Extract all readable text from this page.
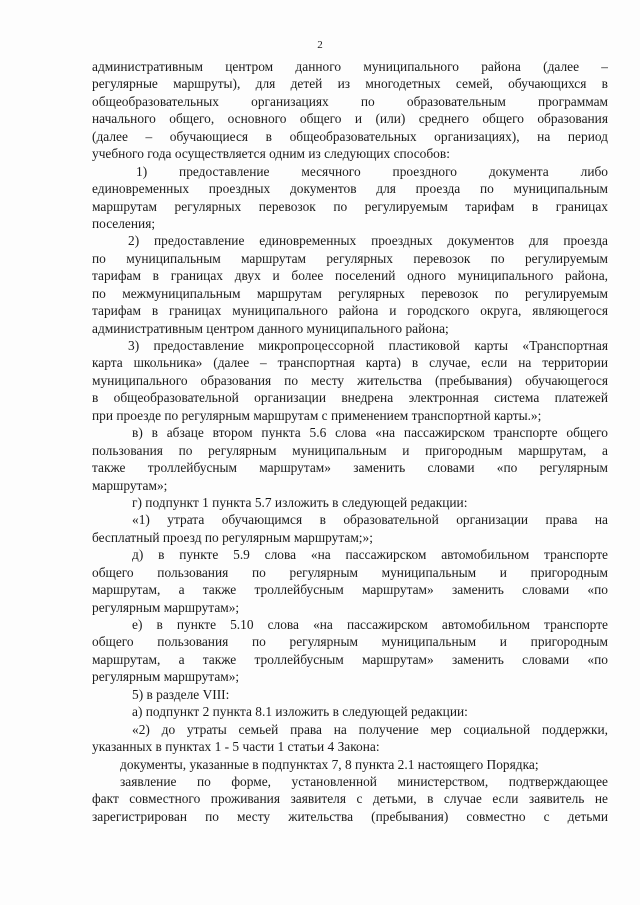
2
административным центром данного муниципального района (далее –
регулярные маршруты), для детей из многодетных семей, обучающихся в
общеобразовательных организациях по образовательным программам
начального общего, основного общего и (или) среднего общего образования
(далее – обучающиеся в общеобразовательных организациях), на период
учебного года осуществляется одним из следующих способов:
1) предоставление месячного проездного документа либо
единовременных проездных документов для проезда по муниципальным
маршрутам регулярных перевозок по регулируемым тарифам в границах
поселения;
2) предоставление единовременных проездных документов для проезда
по муниципальным маршрутам регулярных перевозок по регулируемым
тарифам в границах двух и более поселений одного муниципального района,
по межмуниципальным маршрутам регулярных перевозок по регулируемым
тарифам в границах муниципального района и городского округа, являющегося
административным центром данного муниципального района;
3) предоставление микропроцессорной пластиковой карты «Транспортная
карта школьника» (далее – транспортная карта) в случае, если на территории
муниципального образования по месту жительства (пребывания) обучающегося
в общеобразовательной организации внедрена электронная система платежей
при проезде по регулярным маршрутам с применением транспортной карты.»;
в) в абзаце втором пункта 5.6 слова «на пассажирском транспорте общего
пользования по регулярным муниципальным и пригородным маршрутам, а
также троллейбусным маршрутам» заменить словами «по регулярным
маршрутам»;
г) подпункт 1 пункта 5.7 изложить в следующей редакции:
«1) утрата обучающимся в образовательной организации права на
бесплатный проезд по регулярным маршрутам;»;
д) в пункте 5.9 слова «на пассажирском автомобильном транспорте
общего пользования по регулярным муниципальным и пригородным
маршрутам, а также троллейбусным маршрутам» заменить словами «по
регулярным маршрутам»;
е) в пункте 5.10 слова «на пассажирском автомобильном транспорте
общего пользования по регулярным муниципальным и пригородным
маршрутам, а также троллейбусным маршрутам» заменить словами «по
регулярным маршрутам»;
5) в разделе VIII:
а) подпункт 2 пункта 8.1 изложить в следующей редакции:
«2) до утраты семьей права на получение мер социальной поддержки,
указанных в пунктах 1 - 5 части 1 статьи 4 Закона:
документы, указанные в подпунктах 7, 8 пункта 2.1 настоящего Порядка;
заявление по форме, установленной министерством, подтверждающее
факт совместного проживания заявителя с детьми, в случае если заявитель не
зарегистрирован по месту жительства (пребывания) совместно с детьми
